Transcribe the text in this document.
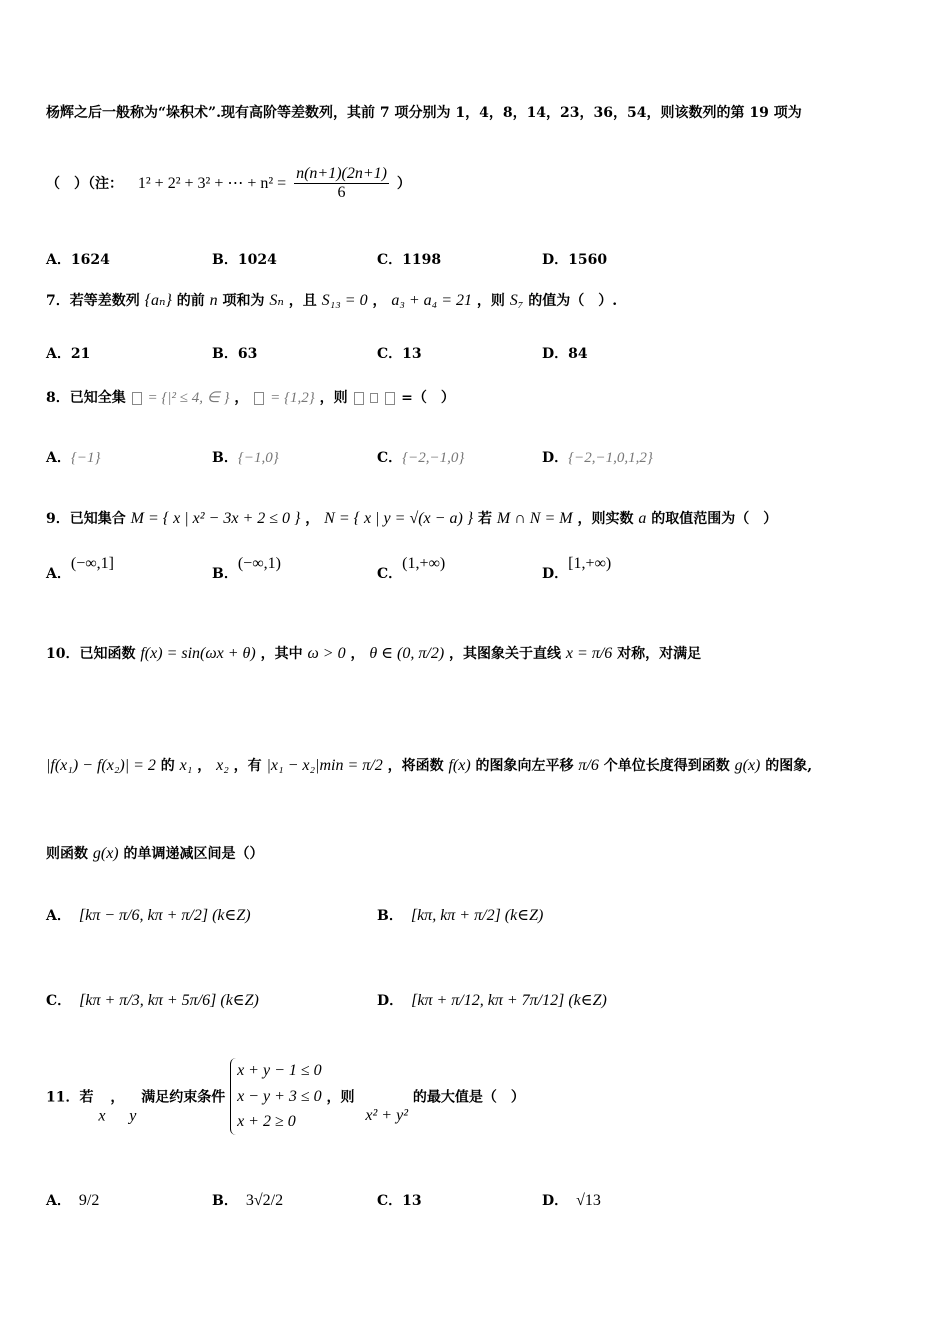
杨辉之后一般称为“垛积术”.现有高阶等差数列，其前 7 项分别为 1，4，8，14，23，36，54，则该数列的第 19 项为
（　）（注： 1² + 2² + 3² + ⋯ + $n^2 = \frac{n(n+1)(2n+1)}{6}$ ）
A．1624	B．1024	C．1198	D．1560
7．若等差数列 {aₙ} 的前 n 项和为 Sₙ ，且 S₁₃ = 0 ， a₃ + a₄ = 21 ，则 S₇ 的值为（　）.
A．21	B．63	C．13	D．84
8．已知全集 = {|² ≤ 4, ∈ } ， = {1,2} ，则	=（　）
A．{−1}	B．{−1,0}	C．{−2,−1,0}	D．{−2,−1,0,1,2}
9．已知集合 M = { x | x² − 3x + 2 ≤ 0 } ， N = { x | y = √(x − a) } 若 M ∩ N = M ，则实数 a 的取值范围为（　）
A．(−∞,1]
B．(−∞,1)
C．(1,+∞)
D．[1,+∞)
10．已知函数 f(x) = sin(ωx + θ) ，其中 ω > 0 ， θ ∈ (0, π/2) ，其图象关于直线 x = π/6 对称，对满足
|f(x₁) − f(x₂)| = 2 的 x₁ ， x₂ ，有 |x₁ − x₂|min = π/2 ，将函数 f(x) 的图象向左平移 π/6 个单位长度得到函数 g(x) 的图象,
则函数 g(x) 的单调递减区间是（）
A． [kπ − π/6, kπ + π/2] (k∈Z)	B． [kπ, kπ + π/2] (k∈Z)
C． [kπ + π/3, kπ + 5π/6] (k∈Z)	D． [kπ + π/12, kπ + 7π/12] (k∈Z)
11．若 x ， y 满足约束条件 x + y − 1 ≤ 0
x − y + 3 ≤ 0
x + 2 ≥ 0 ，则 x² + y² 的最大值是（　）
A． 9/2	B． 3√2/2	C．13	D． √13
